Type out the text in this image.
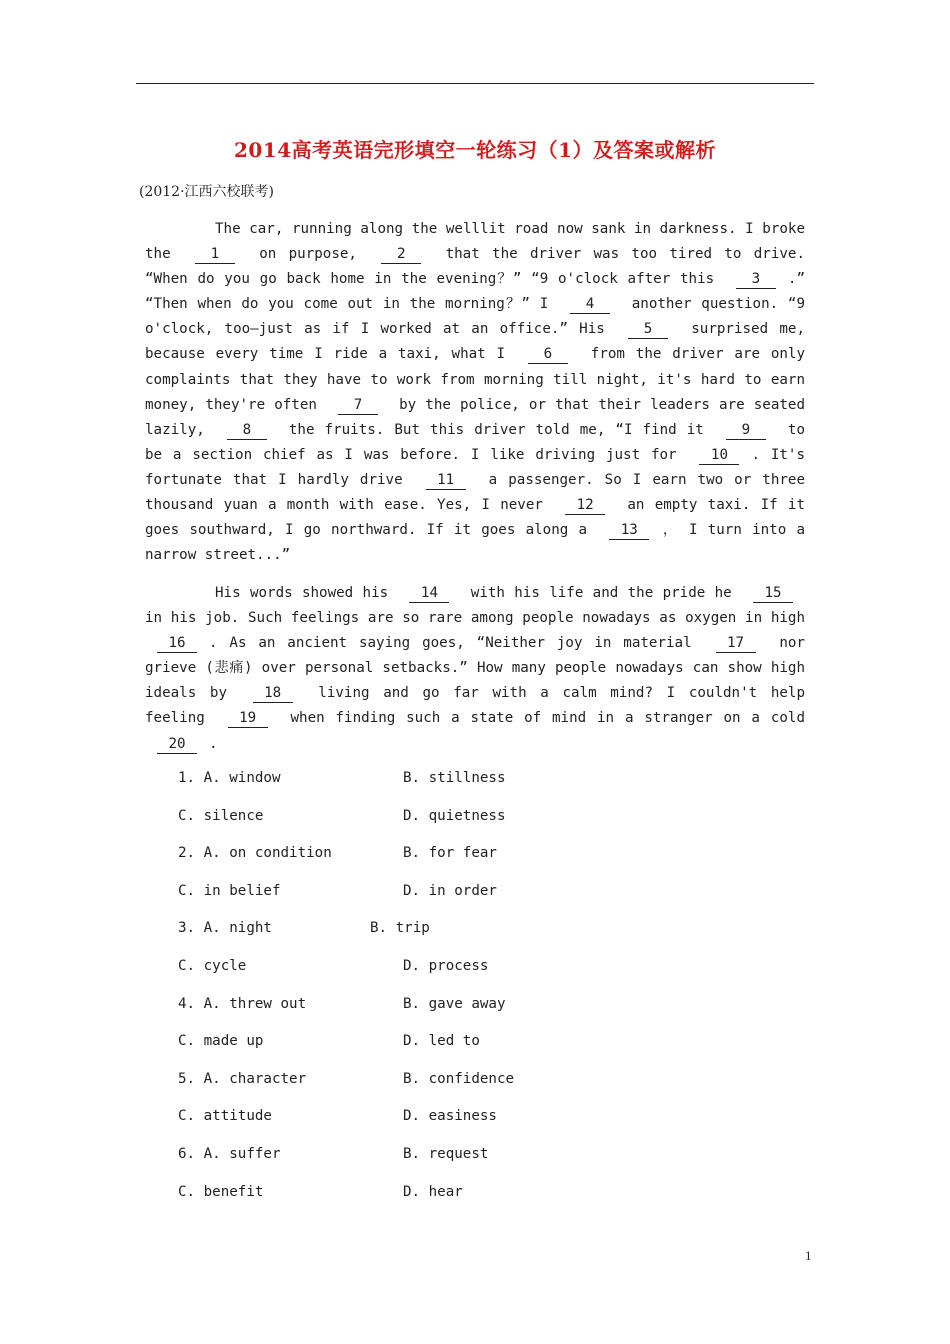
2014高考英语完形填空一轮练习（1）及答案或解析
(2012·江西六校联考)
The car, running along the welllit road now sank in darkness. I broke the 1 on purpose, 2 that the driver was too tired to drive. “When do you go back home in the evening？” “9 o'clock after this 3 .” “Then when do you come out in the morning？” I 4 another question. “9 o'clock, too—just as if I worked at an office.” His 5 surprised me, because every time I ride a taxi, what I 6 from the driver are only complaints that they have to work from morning till night, it's hard to earn money, they're often 7 by the police, or that their leaders are seated lazily, 8 the fruits. But this driver told me, “I find it 9 to be a section chief as I was before. I like driving just for 10 . It's fortunate that I hardly drive 11 a passenger. So I earn two or three thousand yuan a month with ease. Yes, I never 12 an empty taxi. If it goes southward, I go northward. If it goes along a 13 ， I turn into a narrow street...”
His words showed his 14 with his life and the pride he 15 in his job. Such feelings are so rare among people nowadays as oxygen in high 16 . As an ancient saying goes, “Neither joy in material 17 nor grieve (悲痛) over personal setbacks.” How many people nowadays can show high ideals by 18 living and go far with a calm mind? I couldn't help feeling 19 when finding such a state of mind in a stranger on a cold 20 .
1. A. window	B. stillness
C. silence	D. quietness
2. A. on condition	B. for fear
C. in belief	D. in order
3. A. night	B. trip
C. cycle	D. process
4. A. threw out	B. gave away
C. made up	D. led to
5. A. character	B. confidence
C. attitude	D. easiness
6. A. suffer	B. request
C. benefit	D. hear
1
